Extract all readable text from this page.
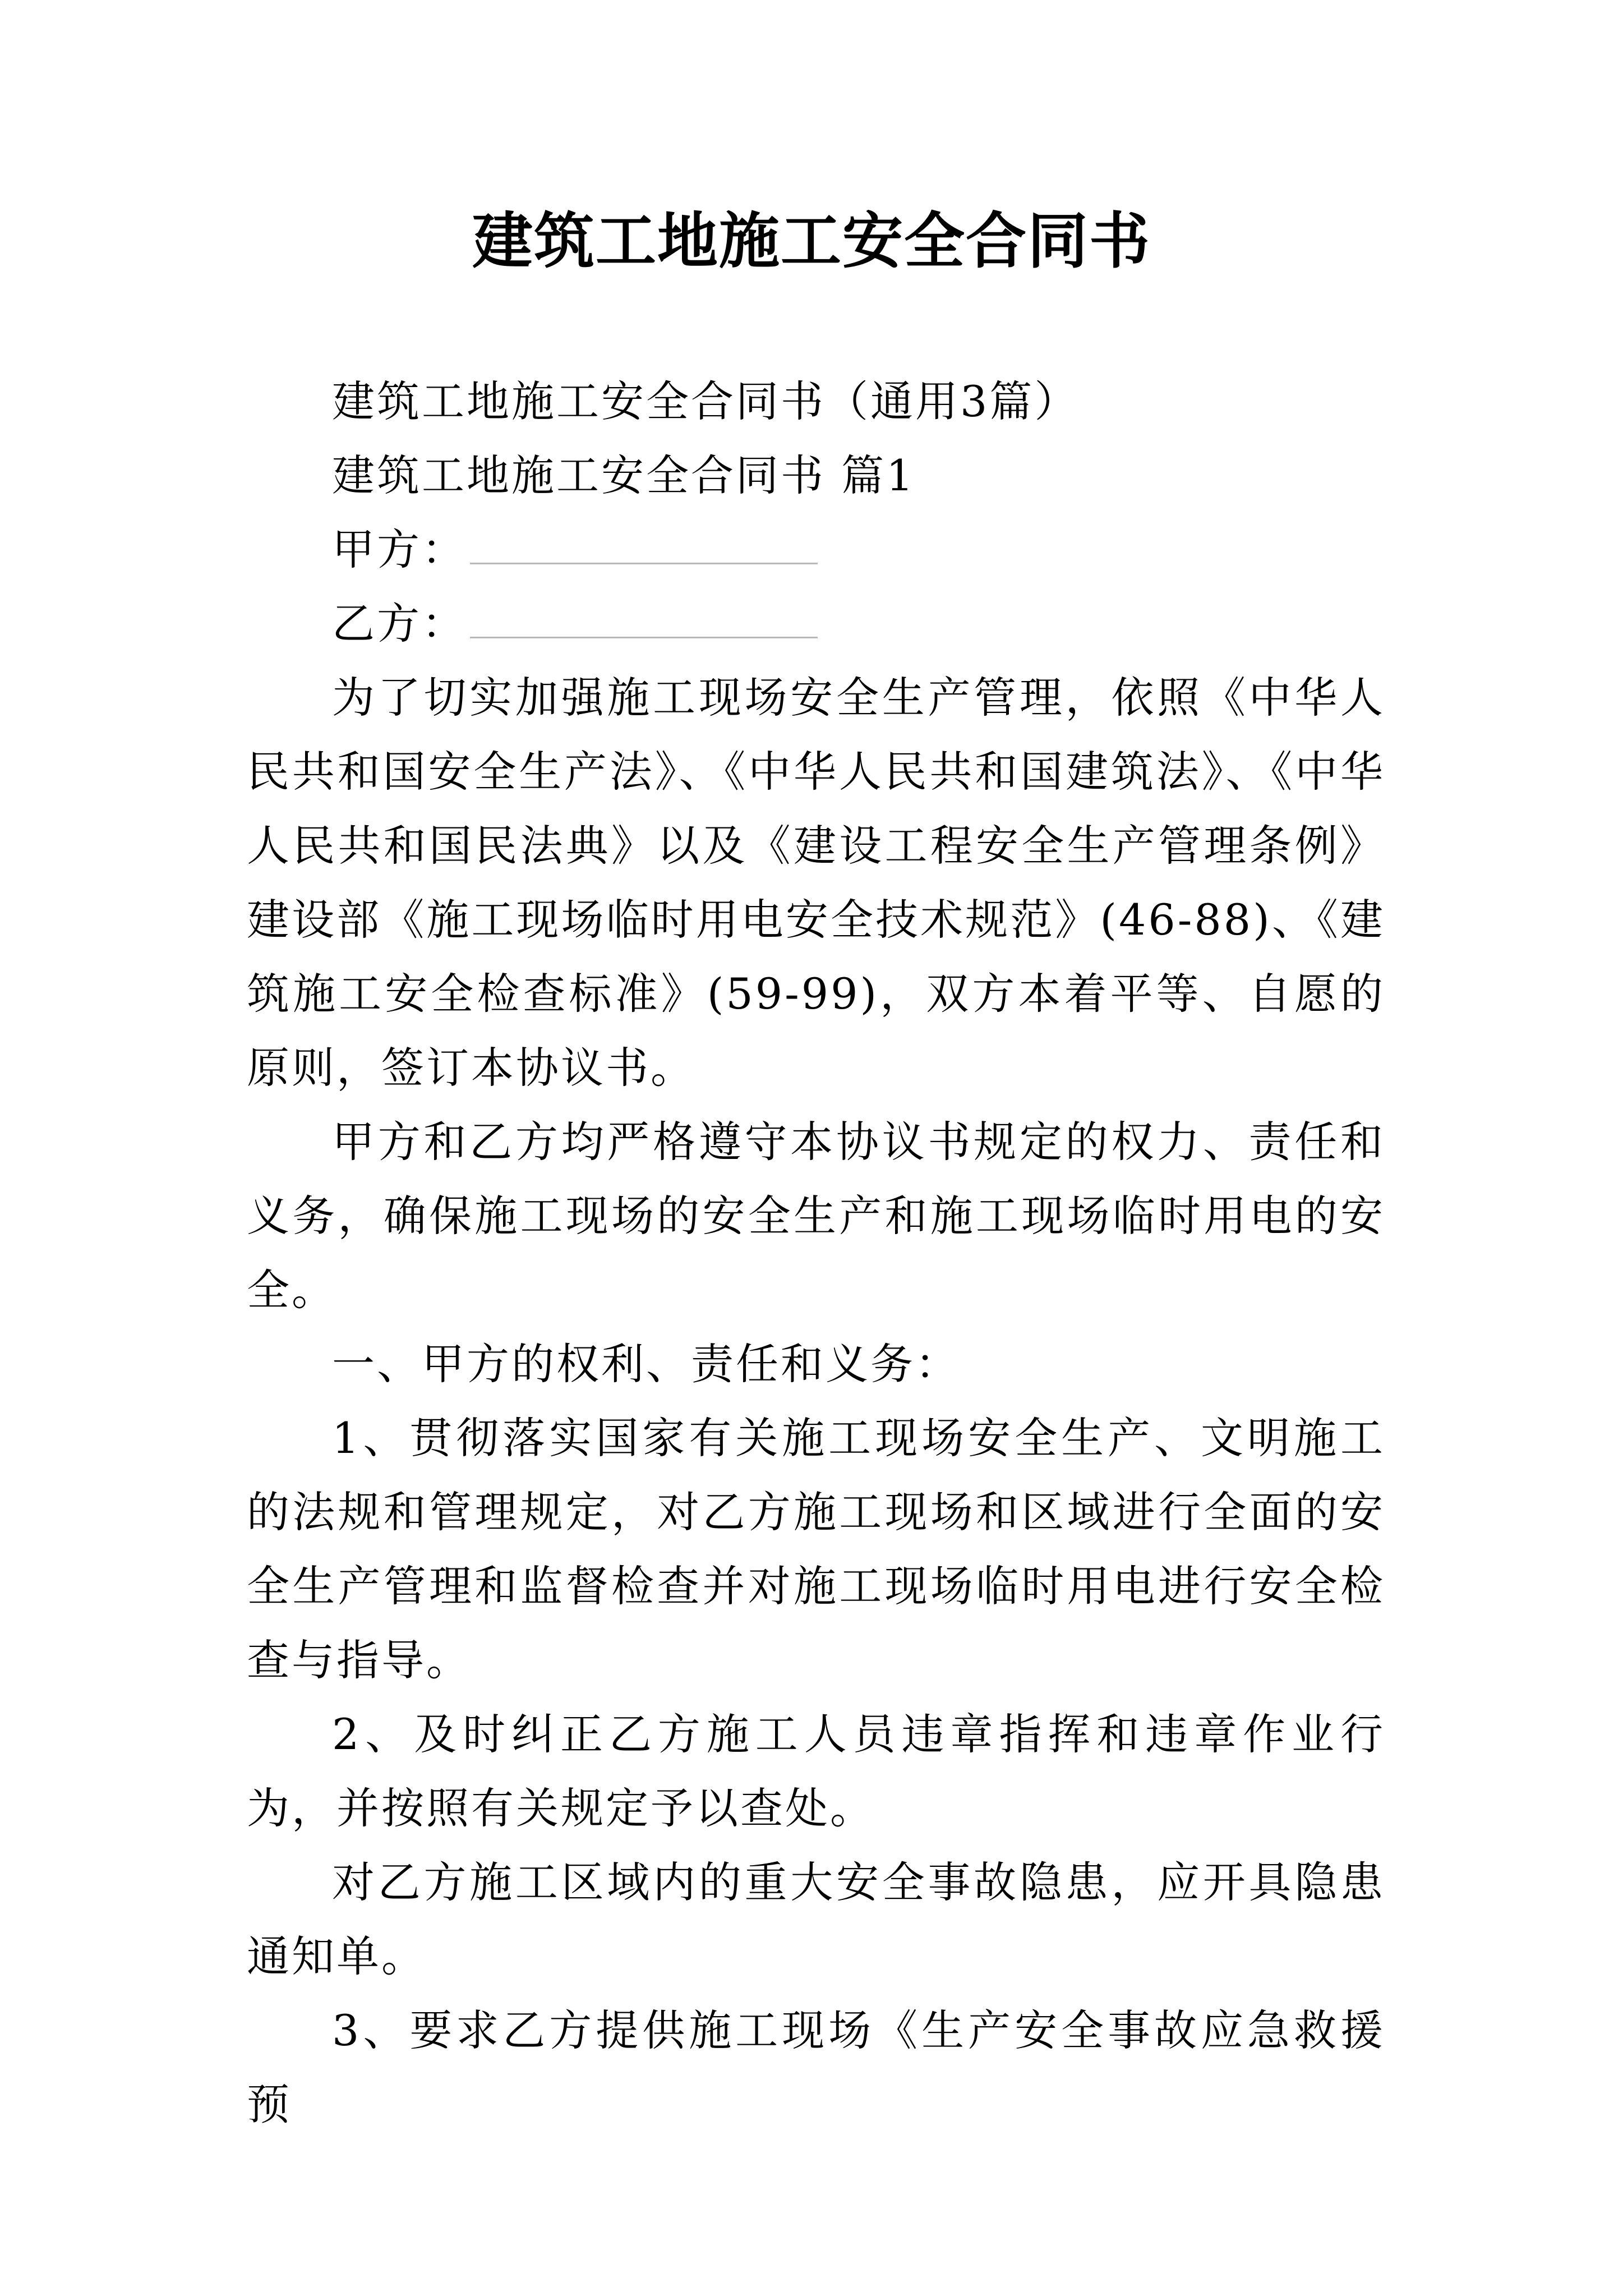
建筑工地施工安全合同书

建筑工地施工安全合同书（通用3篇）

建筑工地施工安全合同书 篇1

甲方：

乙方：

为了切实加强施工现场安全生产管理，依照《中华人民共和国安全生产法》、《中华人民共和国建筑法》、《中华人民共和国民法典》以及《建设工程安全生产管理条例》建设部《施工现场临时用电安全技术规范》(46-88)、《建筑施工安全检查标准》(59-99)，双方本着平等、自愿的原则，签订本协议书。

甲方和乙方均严格遵守本协议书规定的权力、责任和义务，确保施工现场的安全生产和施工现场临时用电的安全。

一、甲方的权利、责任和义务：

1、贯彻落实国家有关施工现场安全生产、文明施工的法规和管理规定，对乙方施工现场和区域进行全面的安全生产管理和监督检查并对施工现场临时用电进行安全检查与指导。

2、及时纠正乙方施工人员违章指挥和违章作业行为，并按照有关规定予以查处。

对乙方施工区域内的重大安全事故隐患，应开具隐患通知单。

3、要求乙方提供施工现场《生产安全事故应急救援预
